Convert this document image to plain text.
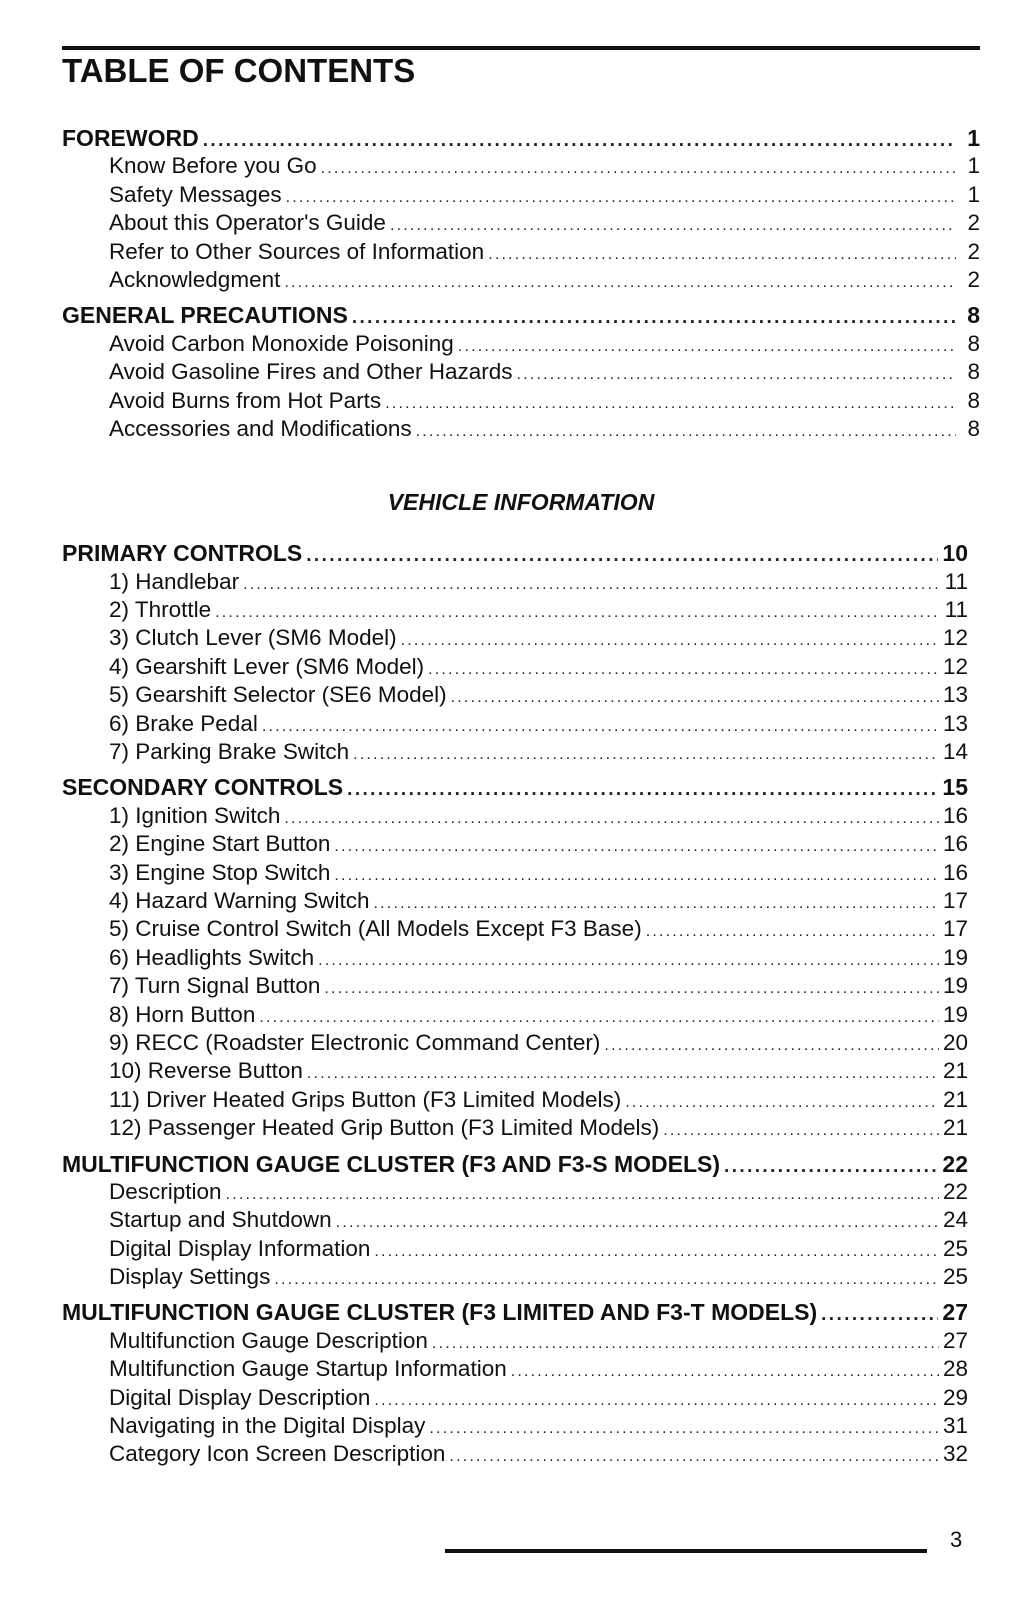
TABLE OF CONTENTS
FOREWORD .....	1
Know Before you Go .....	1
Safety Messages .....	1
About this Operator's Guide .....	2
Refer to Other Sources of Information .....	2
Acknowledgment .....	2
GENERAL PRECAUTIONS .....	8
Avoid Carbon Monoxide Poisoning .....	8
Avoid Gasoline Fires and Other Hazards .....	8
Avoid Burns from Hot Parts .....	8
Accessories and Modifications .....	8
VEHICLE INFORMATION
PRIMARY CONTROLS .....	10
1) Handlebar .....	11
2) Throttle .....	11
3) Clutch Lever (SM6 Model) .....	12
4) Gearshift Lever (SM6 Model) .....	12
5) Gearshift Selector (SE6 Model) .....	13
6) Brake Pedal .....	13
7) Parking Brake Switch .....	14
SECONDARY CONTROLS .....	15
1) Ignition Switch .....	16
2) Engine Start Button .....	16
3) Engine Stop Switch .....	16
4) Hazard Warning Switch .....	17
5) Cruise Control Switch (All Models Except F3 Base) .....	17
6) Headlights Switch .....	19
7) Turn Signal Button .....	19
8) Horn Button .....	19
9) RECC (Roadster Electronic Command Center) .....	20
10) Reverse Button .....	21
11) Driver Heated Grips Button (F3 Limited Models) .....	21
12) Passenger Heated Grip Button (F3 Limited Models) .....	21
MULTIFUNCTION GAUGE CLUSTER (F3 AND F3-S MODELS) .....	22
Description .....	22
Startup and Shutdown .....	24
Digital Display Information .....	25
Display Settings .....	25
MULTIFUNCTION GAUGE CLUSTER (F3 LIMITED AND F3-T MODELS) .....	27
Multifunction Gauge Description .....	27
Multifunction Gauge Startup Information .....	28
Digital Display Description .....	29
Navigating in the Digital Display .....	31
Category Icon Screen Description .....	32
3
